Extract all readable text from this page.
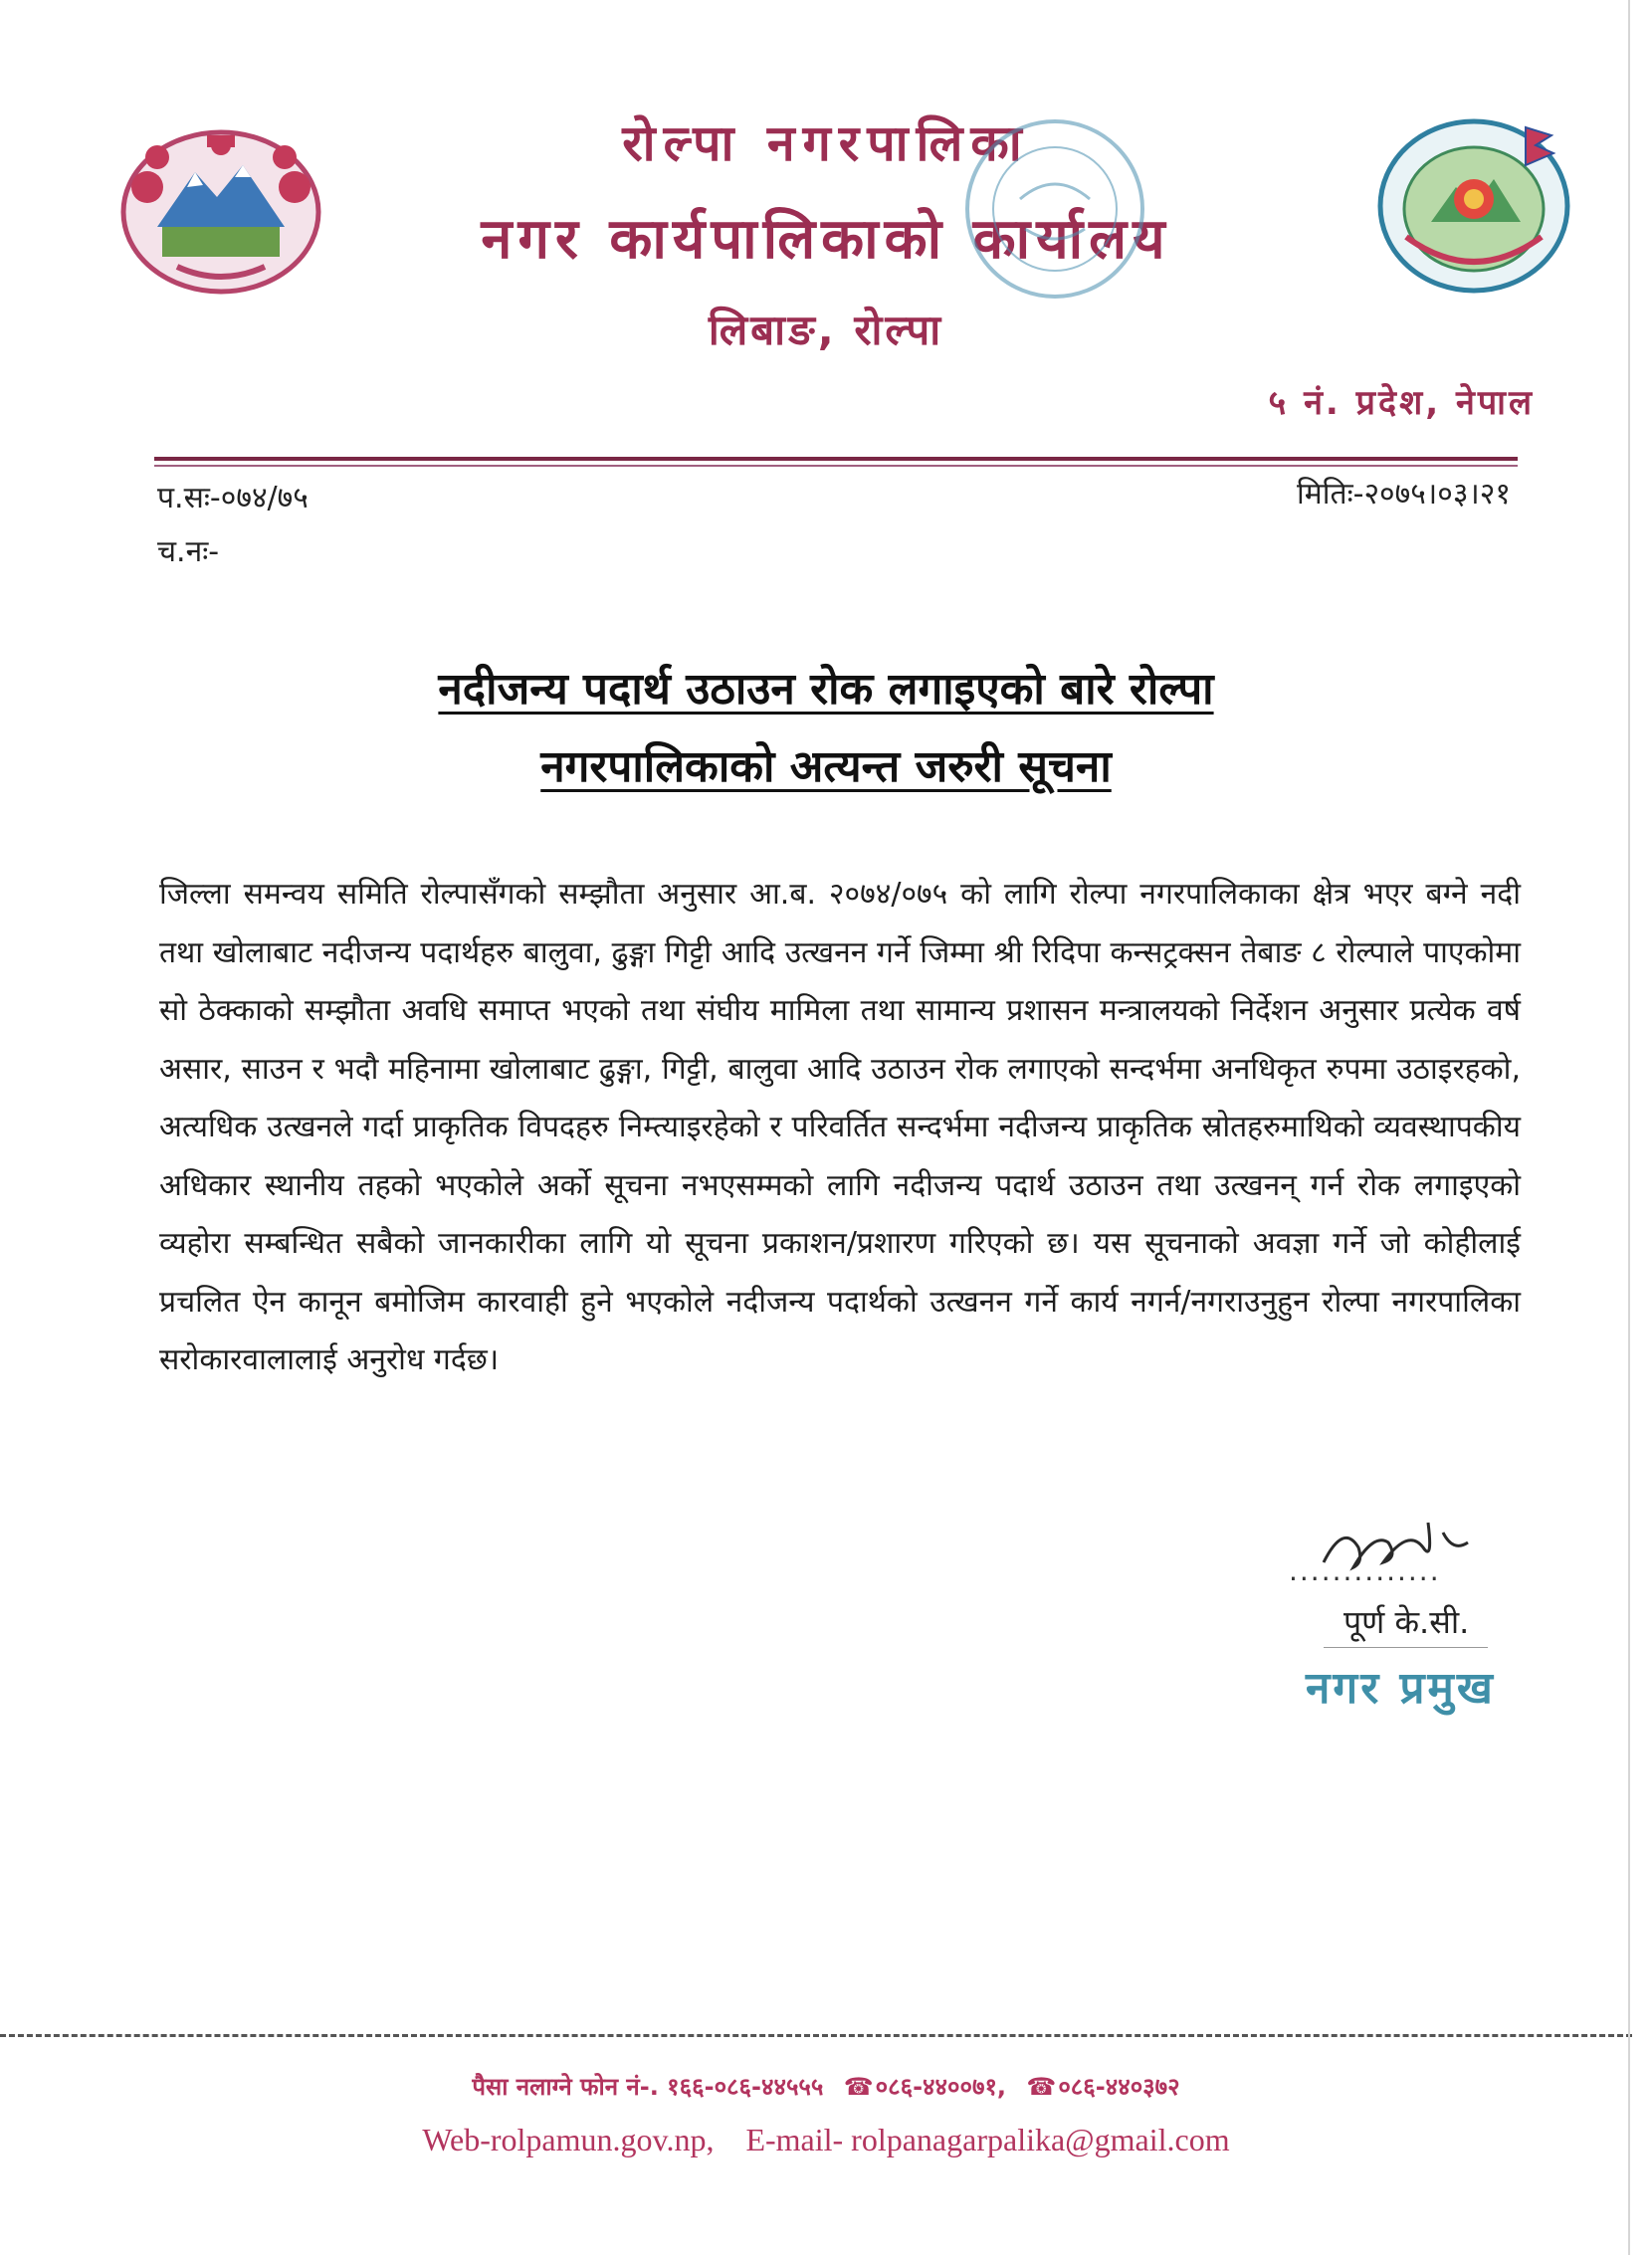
रोल्पा नगरपालिका
नगर कार्यपालिकाको कार्यालय
लिबाङ, रोल्पा
५ नं. प्रदेश, नेपाल
प.सः-०७४/७५
च.नः-
मितिः-२०७५।०३।२१
नदीजन्य पदार्थ उठाउन रोक लगाइएको बारे रोल्पा
नगरपालिकाको अत्यन्त जरुरी सूचना
जिल्ला समन्वय समिति रोल्पासँगको सम्झौता अनुसार आ.ब. २०७४/०७५ को लागि रोल्पा नगरपालिकाका क्षेत्र भएर बग्ने नदी तथा खोलाबाट नदीजन्य पदार्थहरु बालुवा, ढुङ्गा गिट्टी आदि उत्खनन गर्ने जिम्मा श्री रिदिपा कन्सट्रक्सन तेबाङ ८ रोल्पाले पाएकोमा सो ठेक्काको सम्झौता अवधि समाप्त भएको तथा संघीय मामिला तथा सामान्य प्रशासन मन्त्रालयको निर्देशन अनुसार प्रत्येक वर्ष असार, साउन र भदौ महिनामा खोलाबाट ढुङ्गा, गिट्टी, बालुवा आदि उठाउन रोक लगाएको सन्दर्भमा अनधिकृत रुपमा उठाइरहको, अत्यधिक उत्खनले गर्दा प्राकृतिक विपदहरु निम्त्याइरहेको र परिवर्तित सन्दर्भमा नदीजन्य प्राकृतिक स्रोतहरुमाथिको व्यवस्थापकीय अधिकार स्थानीय तहको भएकोले अर्को सूचना नभएसम्मको लागि नदीजन्य पदार्थ उठाउन तथा उत्खनन् गर्न रोक लगाइएको व्यहोरा सम्बन्धित सबैको जानकारीका लागि यो सूचना प्रकाशन/प्रशारण गरिएको छ। यस सूचनाको अवज्ञा गर्ने जो कोहीलाई प्रचलित ऐन कानून बमोजिम कारवाही हुने भएकोले नदीजन्य पदार्थको उत्खनन गर्ने कार्य नगर्न/नगराउनुहुन रोल्पा नगरपालिका सरोकारवालालाई अनुरोध गर्दछ।
..............
पूर्ण के.सी.
नगर प्रमुख
पैसा नलाग्ने फोन नं-. १६६-०८६-४४५५५ ☎०८६-४४००७१, ☎०८६-४४०३७२
Web-rolpamun.gov.np, E-mail- rolpanagarpalika@gmail.com
